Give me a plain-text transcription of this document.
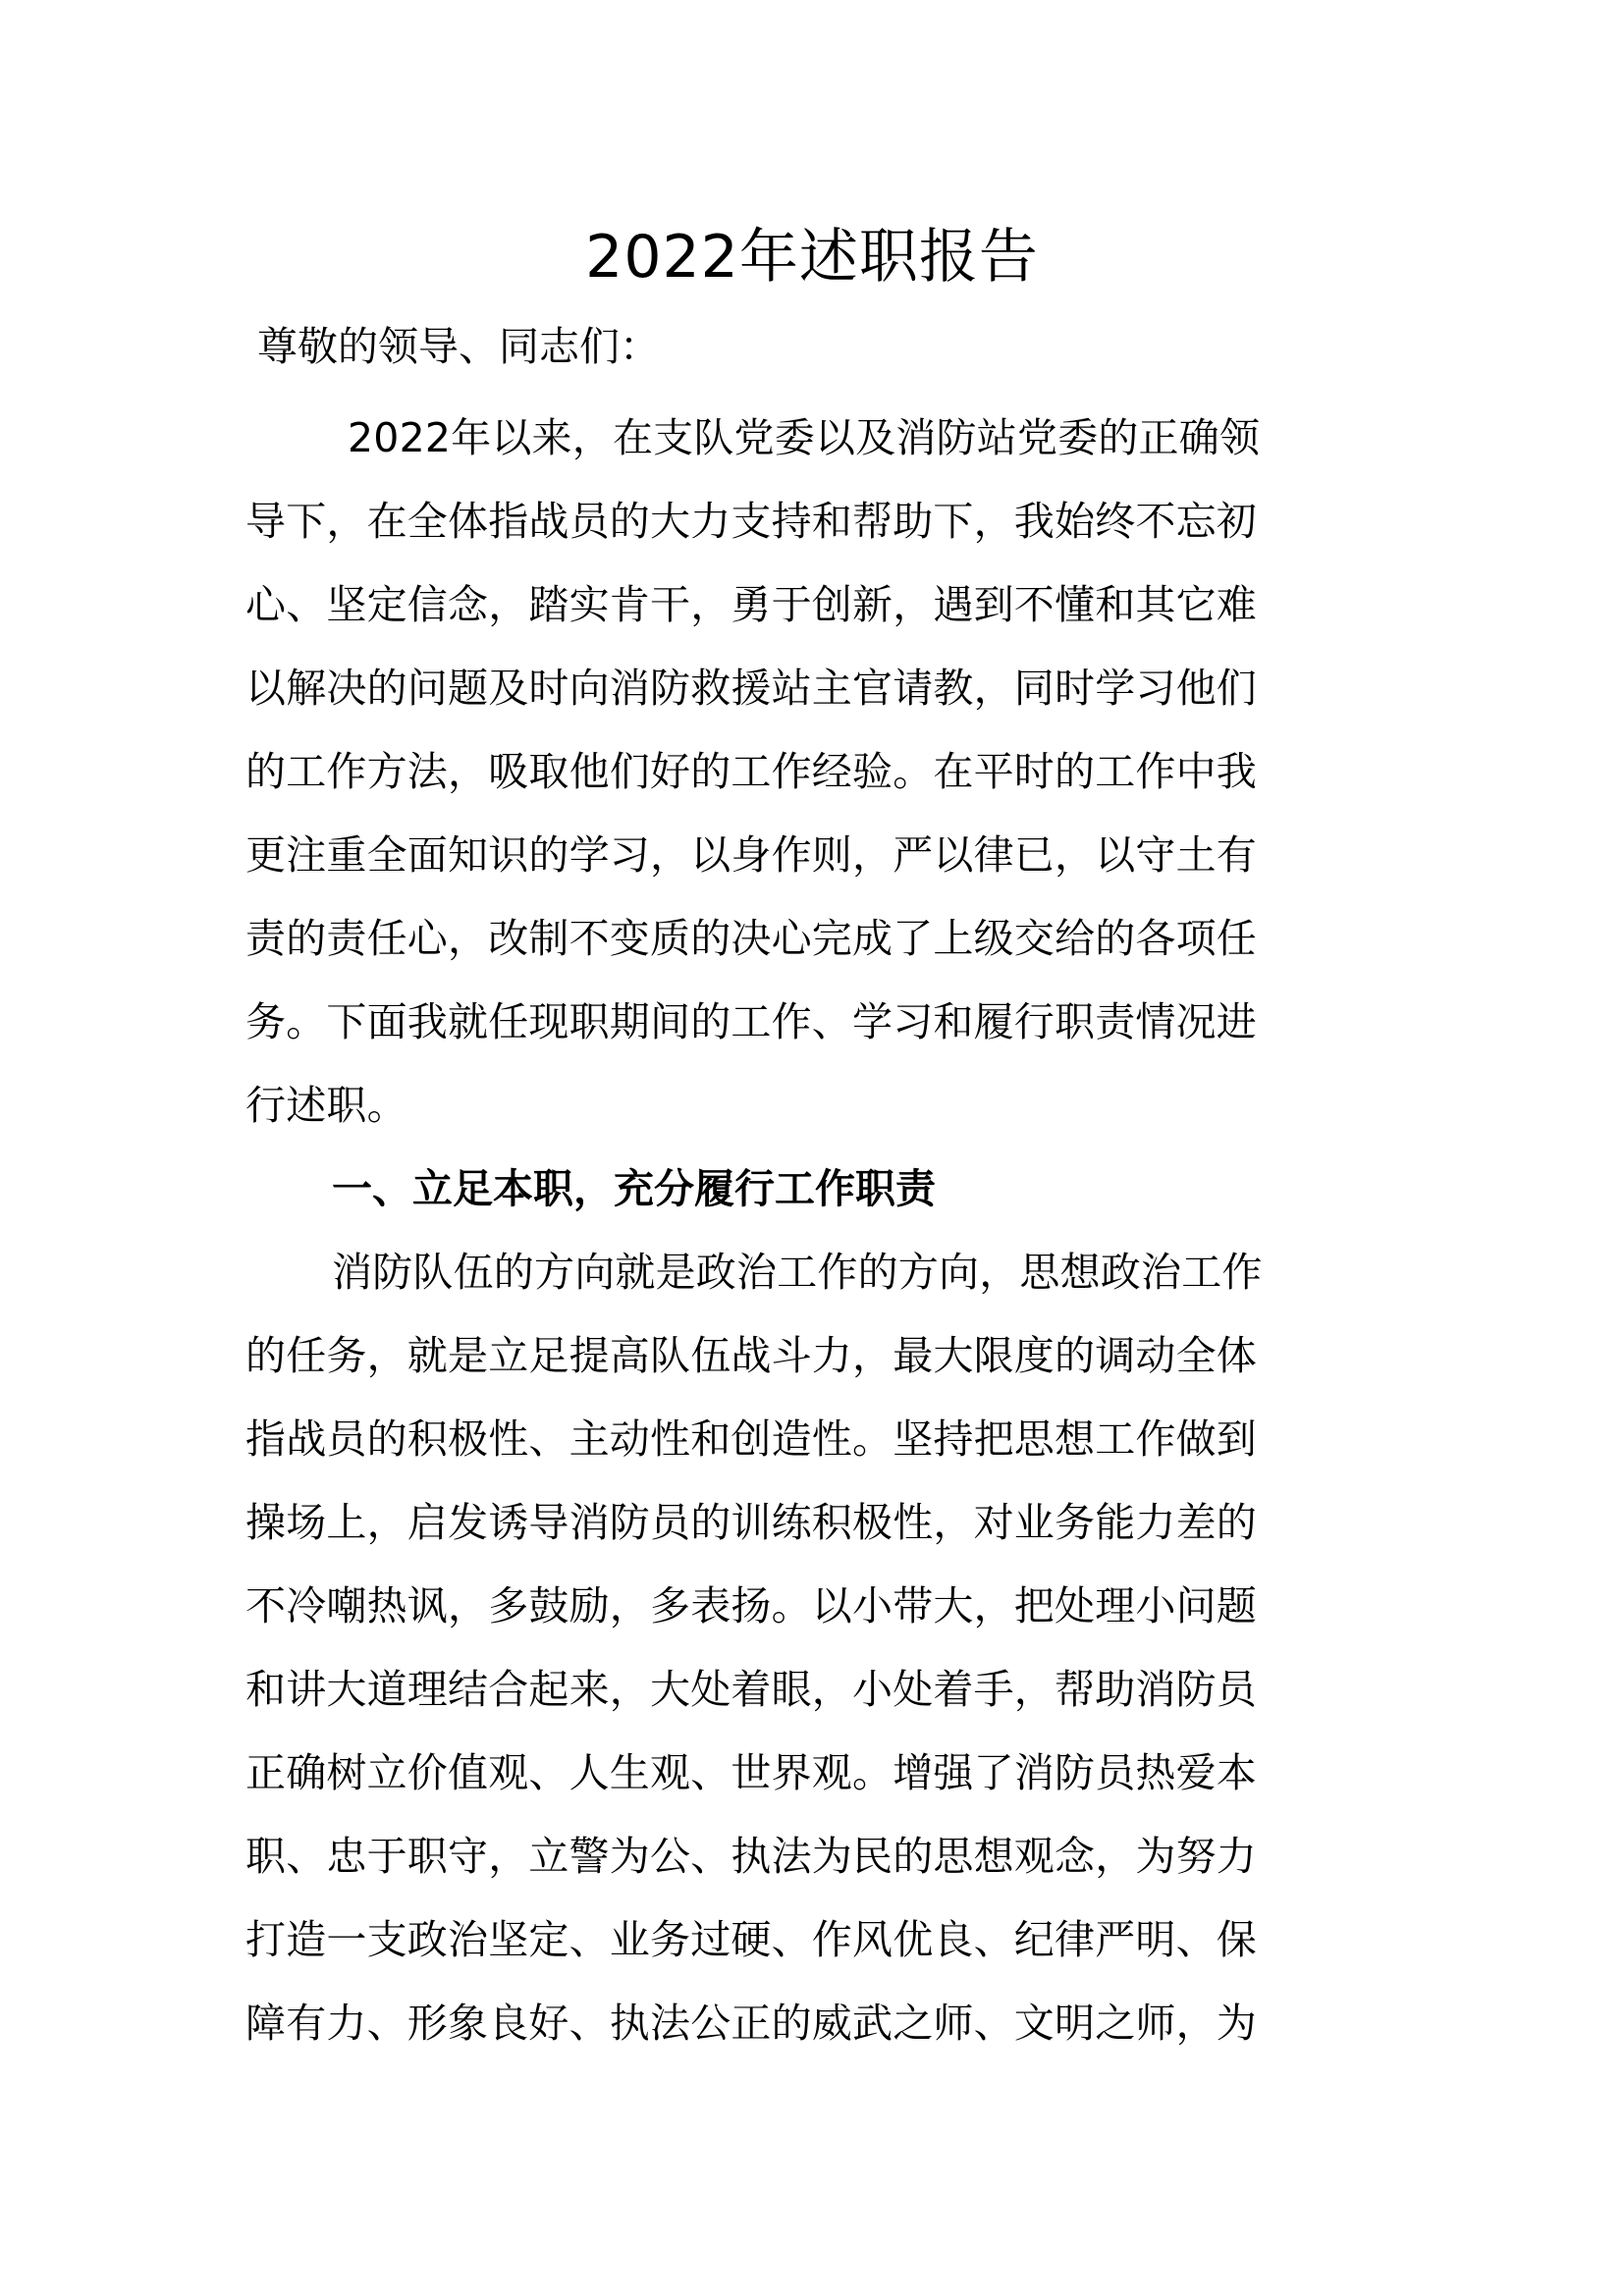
2022年述职报告

尊敬的领导、同志们：

2022年以来，在支队党委以及消防站党委的正确领
导下，在全体指战员的大力支持和帮助下，我始终不忘初
心、坚定信念，踏实肯干，勇于创新，遇到不懂和其它难
以解决的问题及时向消防救援站主官请教，同时学习他们
的工作方法，吸取他们好的工作经验。在平时的工作中我
更注重全面知识的学习，以身作则，严以律已，以守土有
责的责任心，改制不变质的决心完成了上级交给的各项任
务。下面我就任现职期间的工作、学习和履行职责情况进
行述职。

一、立足本职，充分履行工作职责

消防队伍的方向就是政治工作的方向，思想政治工作
的任务，就是立足提高队伍战斗力，最大限度的调动全体
指战员的积极性、主动性和创造性。坚持把思想工作做到
操场上，启发诱导消防员的训练积极性，对业务能力差的
不冷嘲热讽，多鼓励，多表扬。以小带大，把处理小问题
和讲大道理结合起来，大处着眼，小处着手，帮助消防员
正确树立价值观、人生观、世界观。增强了消防员热爱本
职、忠于职守，立警为公、执法为民的思想观念，为努力
打造一支政治坚定、业务过硬、作风优良、纪律严明、保
障有力、形象良好、执法公正的威武之师、文明之师，为
